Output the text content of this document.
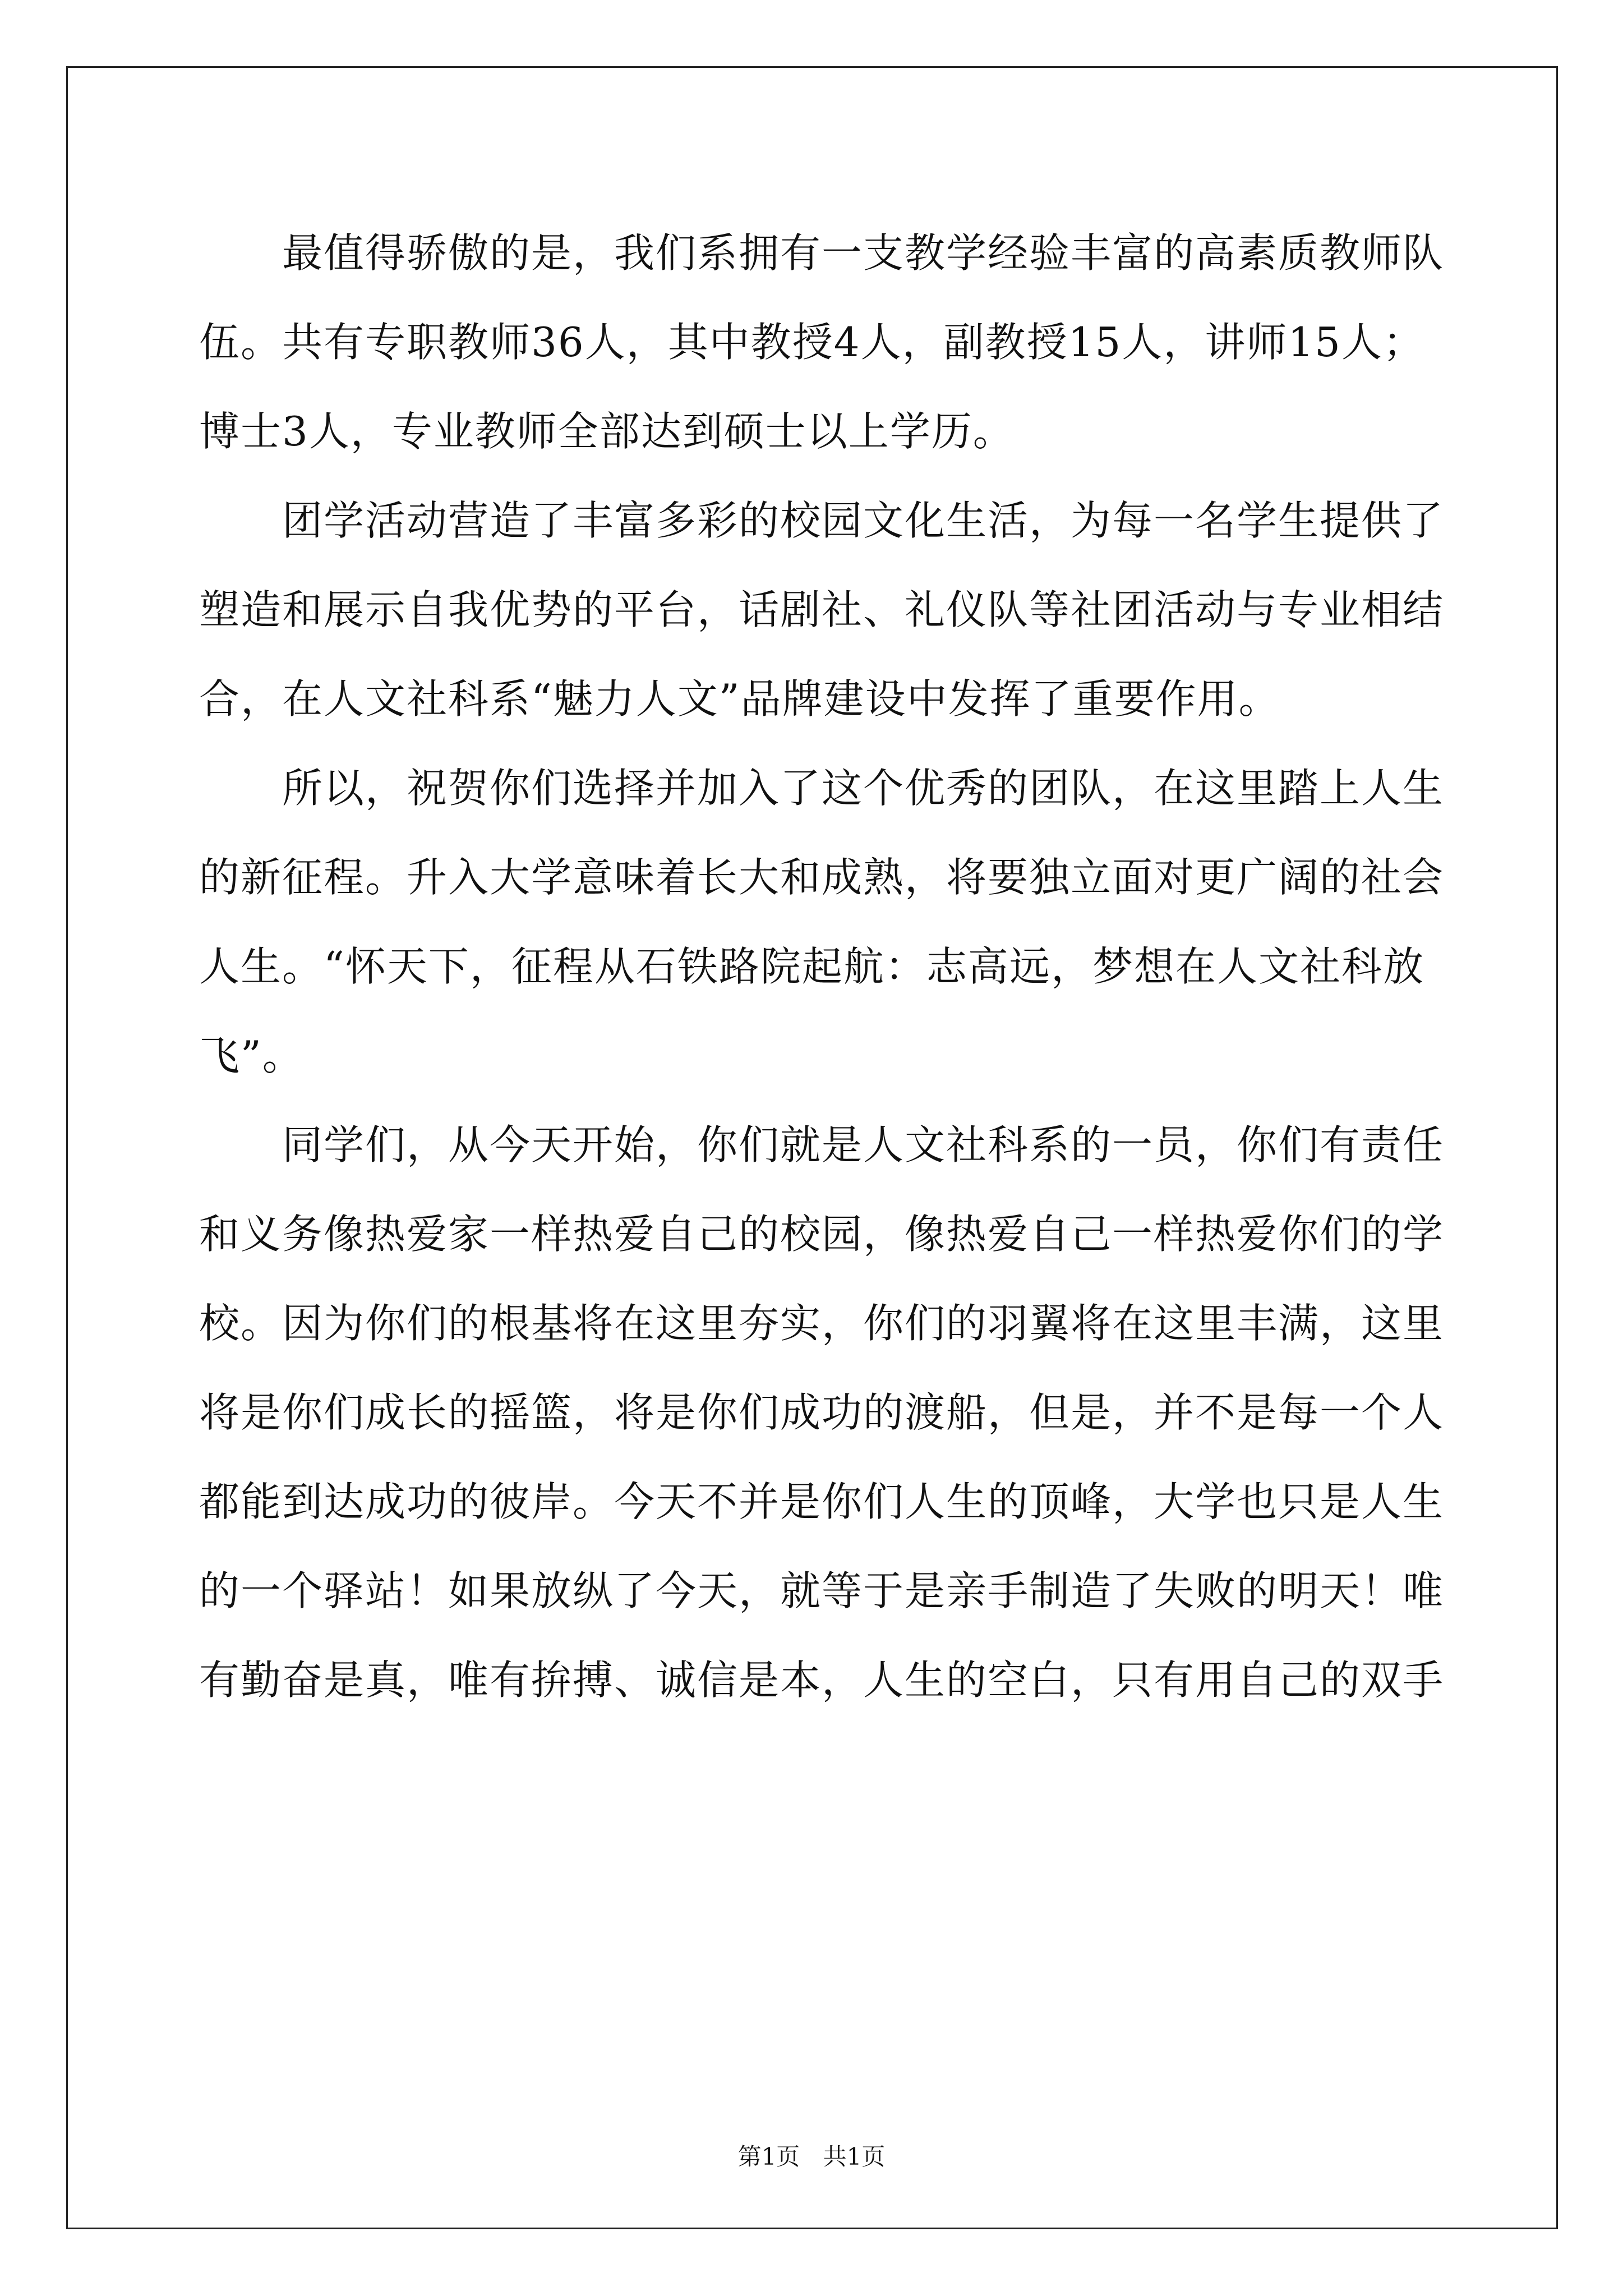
最值得骄傲的是，我们系拥有一支教学经验丰富的高素质教师队
伍。共有专职教师36人，其中教授4人，副教授15人，讲师15人；
博士3人，专业教师全部达到硕士以上学历。
团学活动营造了丰富多彩的校园文化生活，为每一名学生提供了
塑造和展示自我优势的平台，话剧社、礼仪队等社团活动与专业相结
合，在人文社科系“魅力人文”品牌建设中发挥了重要作用。
所以，祝贺你们选择并加入了这个优秀的团队，在这里踏上人生
的新征程。升入大学意味着长大和成熟，将要独立面对更广阔的社会
人生。“怀天下，征程从石铁路院起航：志高远，梦想在人文社科放
飞”。
同学们，从今天开始，你们就是人文社科系的一员，你们有责任
和义务像热爱家一样热爱自己的校园，像热爱自己一样热爱你们的学
校。因为你们的根基将在这里夯实，你们的羽翼将在这里丰满，这里
将是你们成长的摇篮，将是你们成功的渡船，但是，并不是每一个人
都能到达成功的彼岸。今天不并是你们人生的顶峰，大学也只是人生
的一个驿站！如果放纵了今天，就等于是亲手制造了失败的明天！唯
有勤奋是真，唯有拚搏、诚信是本，人生的空白，只有用自己的双手
第1页 共1页
